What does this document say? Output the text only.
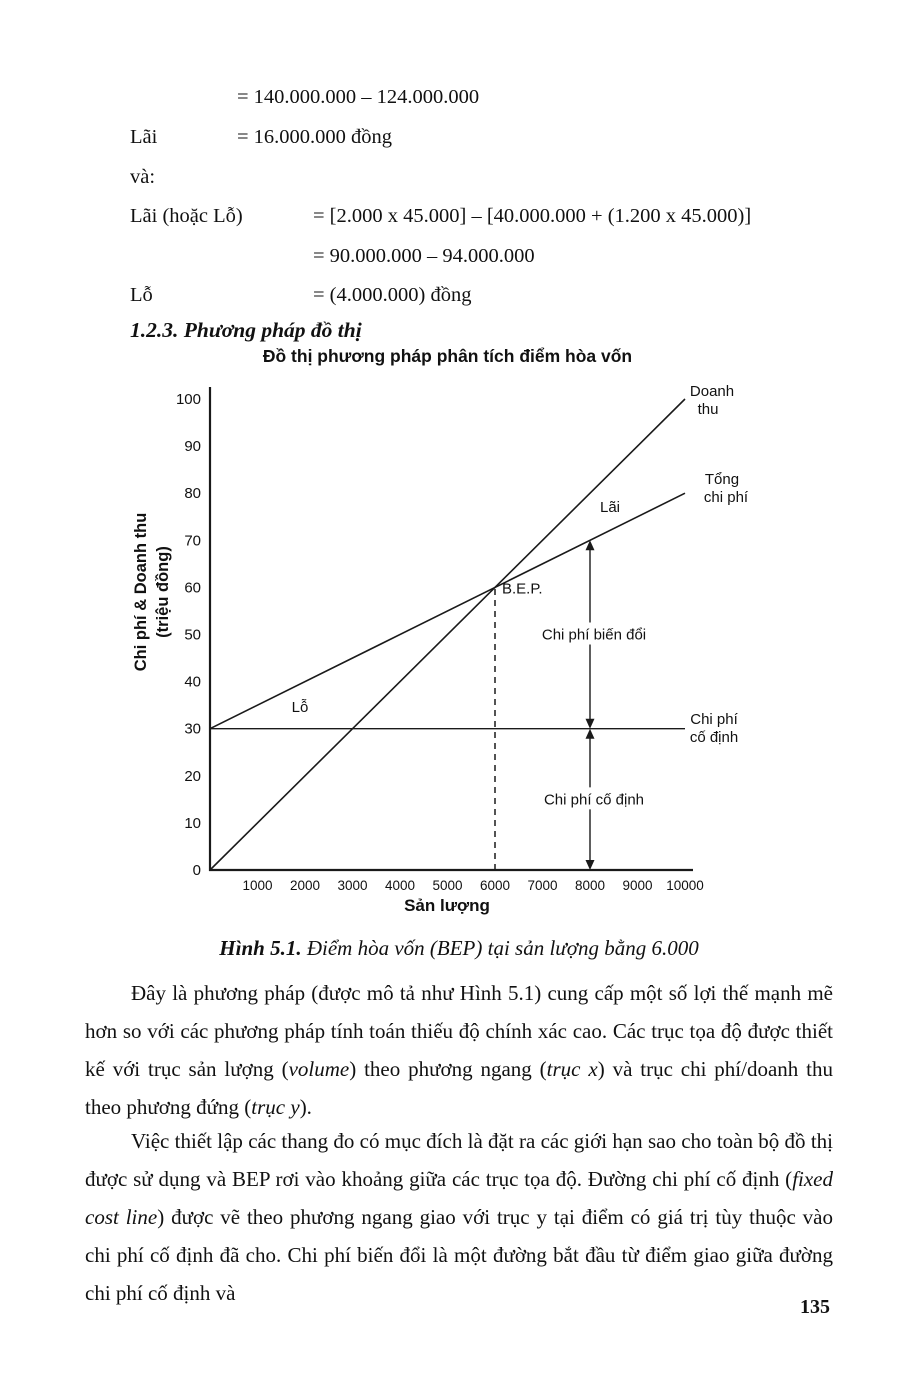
= 140.000.000 – 124.000.000
Lãi	= 16.000.000 đồng
và:
Lãi (hoặc Lỗ)	= [2.000 x 45.000] – [40.000.000 + (1.200 x 45.000)]
= 90.000.000 – 94.000.000
Lỗ	= (4.000.000) đồng
1.2.3. Phương pháp đồ thị
Đồ thị phương pháp phân tích điểm hòa vốn
0
10
20
30
40
50
60
70
80
90
100
1000 2000 3000 4000 5000 6000 7000 8000 9000 10000
B.E.P.
Chi phí biến đổi
Chi phí cố định
Doanh
thu
Tổng
chi phí
Chi phí
cố định
Lãi
Lỗ
Sản lượng
Chi phí & Doanh thu (triệu đồng)
Hình 5.1. Điểm hòa vốn (BEP) tại sản lượng bằng 6.000

Đây là phương pháp (được mô tả như Hình 5.1) cung cấp một số lợi thế mạnh mẽ hơn so với các phương pháp tính toán thiếu độ chính xác cao. Các trục tọa độ được thiết kế với trục sản lượng (volume) theo phương ngang (trục x) và trục chi phí/doanh thu theo phương đứng (trục y).

Việc thiết lập các thang đo có mục đích là đặt ra các giới hạn sao cho toàn bộ đồ thị được sử dụng và BEP rơi vào khoảng giữa các trục tọa độ. Đường chi phí cố định (fixed cost line) được vẽ theo phương ngang giao với trục y tại điểm có giá trị tùy thuộc vào chi phí cố định đã cho. Chi phí biến đổi là một đường bắt đầu từ điểm giao giữa đường chi phí cố định và

135
